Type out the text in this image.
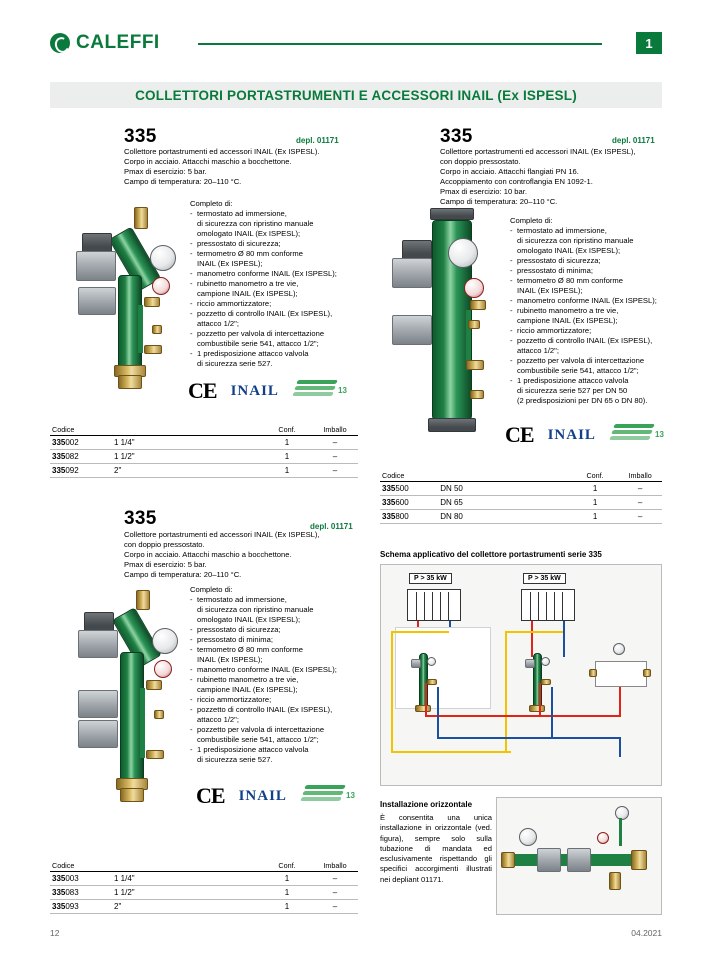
CALEFFI	1
COLLETTORI PORTASTRUMENTI E ACCESSORI INAIL (Ex ISPESL)
335	depl. 01171
Collettore portastrumenti ed accessori INAIL (Ex ISPESL).
Corpo in acciaio. Attacchi maschio a bocchettone.
Pmax di esercizio: 5 bar.
Campo di temperatura: 20–110 °C.
Completo di:
- termostato ad immersione,
di sicurezza con ripristino manuale
omologato INAIL (Ex ISPESL);
- pressostato di sicurezza;
- termometro Ø 80 mm conforme
INAIL (Ex ISPESL);
- manometro conforme INAIL (Ex ISPESL);
- rubinetto manometro a tre vie,
campione INAIL (Ex ISPESL);
- riccio ammortizzatore;
- pozzetto di controllo INAIL (Ex ISPESL),
attacco 1/2";
- pozzetto per valvola di intercettazione
combustibile serie 541, attacco 1/2";
- 1 predisposizione attacco valvola
di sicurezza serie 527.
CE INAIL	13
Codice		Conf.	Imballo
335002	1 1/4"	1	–
335082	1 1/2"	1	–
335092	2"	1	–
335	depl. 01171
Collettore portastrumenti ed accessori INAIL (Ex ISPESL),
con doppio pressostato.
Corpo in acciaio. Attacchi maschio a bocchettone.
Pmax di esercizio: 5 bar.
Campo di temperatura: 20–110 °C.
Completo di:
- termostato ad immersione,
di sicurezza con ripristino manuale
omologato INAIL (Ex ISPESL);
- pressostato di sicurezza;
- pressostato di minima;
- termometro Ø 80 mm conforme
INAIL (Ex ISPESL);
- manometro conforme INAIL (Ex ISPESL);
- rubinetto manometro a tre vie,
campione INAIL (Ex ISPESL);
- riccio ammortizzatore;
- pozzetto di controllo INAIL (Ex ISPESL),
attacco 1/2";
- pozzetto per valvola di intercettazione
combustibile serie 541, attacco 1/2";
- 1 predisposizione attacco valvola
di sicurezza serie 527.
CE INAIL	13
Codice		Conf.	Imballo
335003	1 1/4"	1	–
335083	1 1/2"	1	–
335093	2"	1	–
335	depl. 01171
Collettore portastrumenti ed accessori INAIL (Ex ISPESL),
con doppio pressostato.
Corpo in acciaio. Attacchi flangiati PN 16.
Accoppiamento con controflangia EN 1092-1.
Pmax di esercizio: 10 bar.
Campo di temperatura: 20–110 °C.
Completo di:
- termostato ad immersione,
di sicurezza con ripristino manuale
omologato INAIL (Ex ISPESL);
- pressostato di sicurezza;
- pressostato di minima;
- termometro Ø 80 mm conforme
INAIL (Ex ISPESL);
- manometro conforme INAIL (Ex ISPESL);
- rubinetto manometro a tre vie,
campione INAIL (Ex ISPESL);
- riccio ammortizzatore;
- pozzetto di controllo INAIL (Ex ISPESL),
attacco 1/2";
- pozzetto per valvola di intercettazione
combustibile serie 541, attacco 1/2";
- 1 predisposizione attacco valvola
di sicurezza serie 527 per DN 50
(2 predisposizioni per DN 65 o DN 80).
CE INAIL	13
Codice		Conf.	Imballo
335500	DN 50	1	–
335600	DN 65	1	–
335800	DN 80	1	–
Schema applicativo del collettore portastrumenti serie 335
P > 35 kW	P > 35 kW
Installazione orizzontale
È consentita una unica installazione in orizzontale (ved. figura), sempre solo sulla tubazione di mandata ed esclusivamente rispettando gli specifici accorgimenti illustrati nei depliant 01171.
12	04.2021
